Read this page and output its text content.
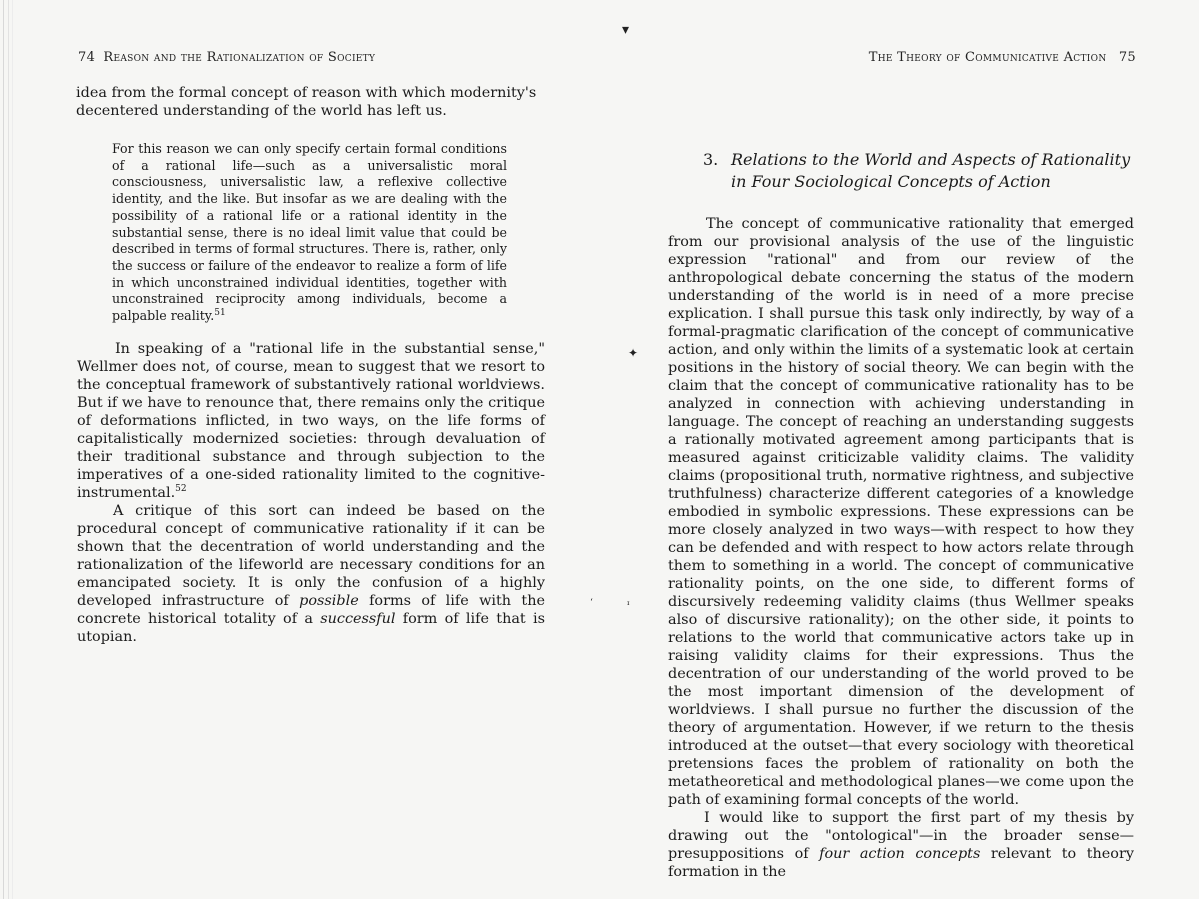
▾
✦
ᶦ
‘
74 Reason and the Rationalization of Society

idea from the formal concept of reason with which modernity's decentered understanding of the world has left us.

For this reason we can only specify certain formal conditions of a rational life—such as a universalistic moral consciousness, universalistic law, a reflexive collective identity, and the like. But insofar as we are dealing with the possibility of a rational life or a rational identity in the substantial sense, there is no ideal limit value that could be described in terms of formal structures. There is, rather, only the success or failure of the endeavor to realize a form of life in which unconstrained individual identities, together with unconstrained reciprocity among individuals, become a palpable reality.$^{51}$

In speaking of a "rational life in the substantial sense," Wellmer does not, of course, mean to suggest that we resort to the conceptual framework of substantively rational worldviews. But if we have to renounce that, there remains only the critique of deformations inflicted, in two ways, on the life forms of capitalistically modernized societies: through devaluation of their traditional substance and through subjection to the imperatives of a one-sided rationality limited to the cognitive-instrumental.$^{52}$

A critique of this sort can indeed be based on the procedural concept of communicative rationality if it can be shown that the decentration of world understanding and the rationalization of the lifeworld are necessary conditions for an emancipated society. It is only the confusion of a highly developed infrastructure of possible forms of life with the concrete historical totality of a successful form of life that is utopian.

The Theory of Communicative Action 75
3. Relations to the World and Aspects of Rationality in Four Sociological Concepts of Action

The concept of communicative rationality that emerged from our provisional analysis of the use of the linguistic expression "rational" and from our review of the anthropological debate concerning the status of the modern understanding of the world is in need of a more precise explication. I shall pursue this task only indirectly, by way of a formal-pragmatic clarification of the concept of communicative action, and only within the limits of a systematic look at certain positions in the history of social theory. We can begin with the claim that the concept of communicative rationality has to be analyzed in connection with achieving understanding in language. The concept of reaching an understanding suggests a rationally motivated agreement among participants that is measured against criticizable validity claims. The validity claims (propositional truth, normative rightness, and subjective truthfulness) characterize different categories of a knowledge embodied in symbolic expressions. These expressions can be more closely analyzed in two ways—with respect to how they can be defended and with respect to how actors relate through them to something in a world. The concept of communicative rationality points, on the one side, to different forms of discursively redeeming validity claims (thus Wellmer speaks also of discursive rationality); on the other side, it points to relations to the world that communicative actors take up in raising validity claims for their expressions. Thus the decentration of our understanding of the world proved to be the most important dimension of the development of worldviews. I shall pursue no further the discussion of the theory of argumentation. However, if we return to the thesis introduced at the outset—that every sociology with theoretical pretensions faces the problem of rationality on both the metatheoretical and methodological planes—we come upon the path of examining formal concepts of the world.

I would like to support the first part of my thesis by drawing out the "ontological"—in the broader sense—presuppositions of four action concepts relevant to theory formation in the
